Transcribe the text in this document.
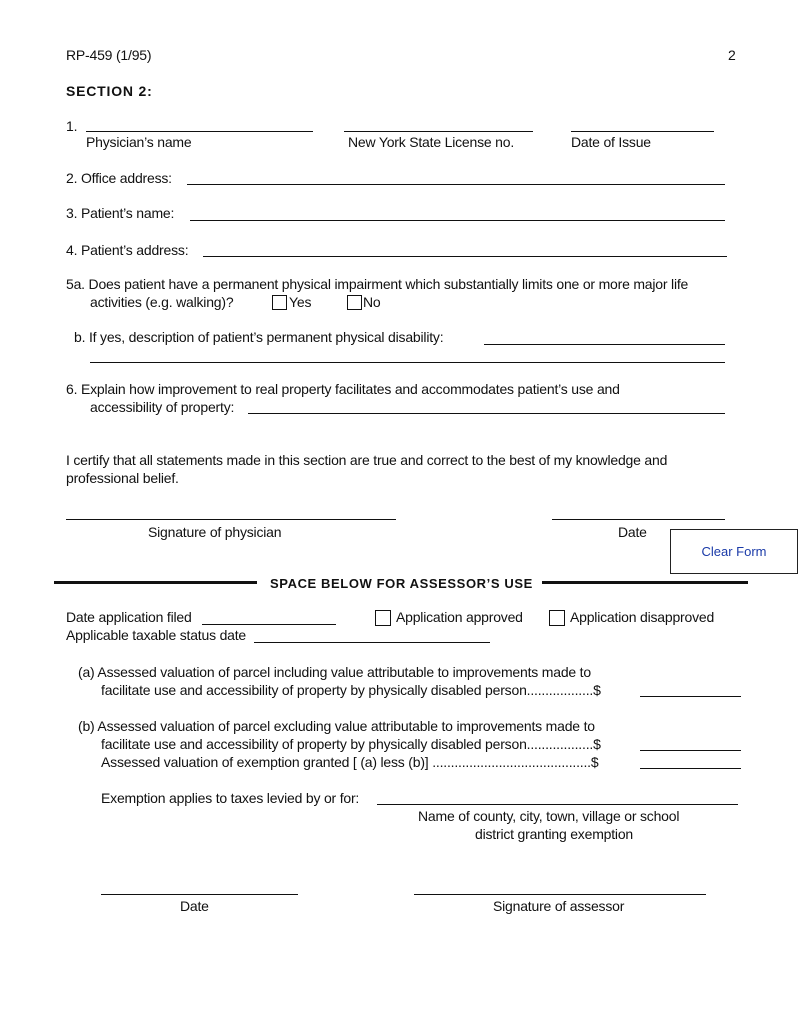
RP-459 (1/95)	2
SECTION 2:
1.
Physician’s name	New York State License no.	Date of Issue
2. Office address:
3. Patient’s name:
4. Patient’s address:
5a. Does patient have a permanent physical impairment which substantially limits one or more major life
activities (e.g. walking)?	Yes	No
b. If yes, description of patient’s permanent physical disability:
6. Explain how improvement to real property facilitates and accommodates patient’s use and
accessibility of property:
I certify that all statements made in this section are true and correct to the best of my knowledge and
professional belief.
Signature of physician	Date
Clear Form
SPACE BELOW FOR ASSESSOR’S USE
Date application filed	Application approved	Application disapproved
Applicable taxable status date
(a) Assessed valuation of parcel including value attributable to improvements made to
facilitate use and accessibility of property by physically disabled person..................$
(b) Assessed valuation of parcel excluding value attributable to improvements made to
facilitate use and accessibility of property by physically disabled person..................$
Assessed valuation of exemption granted [ (a) less (b)] ...........................................$
Exemption applies to taxes levied by or for:
Name of county, city, town, village or school
district granting exemption
Date	Signature of assessor
